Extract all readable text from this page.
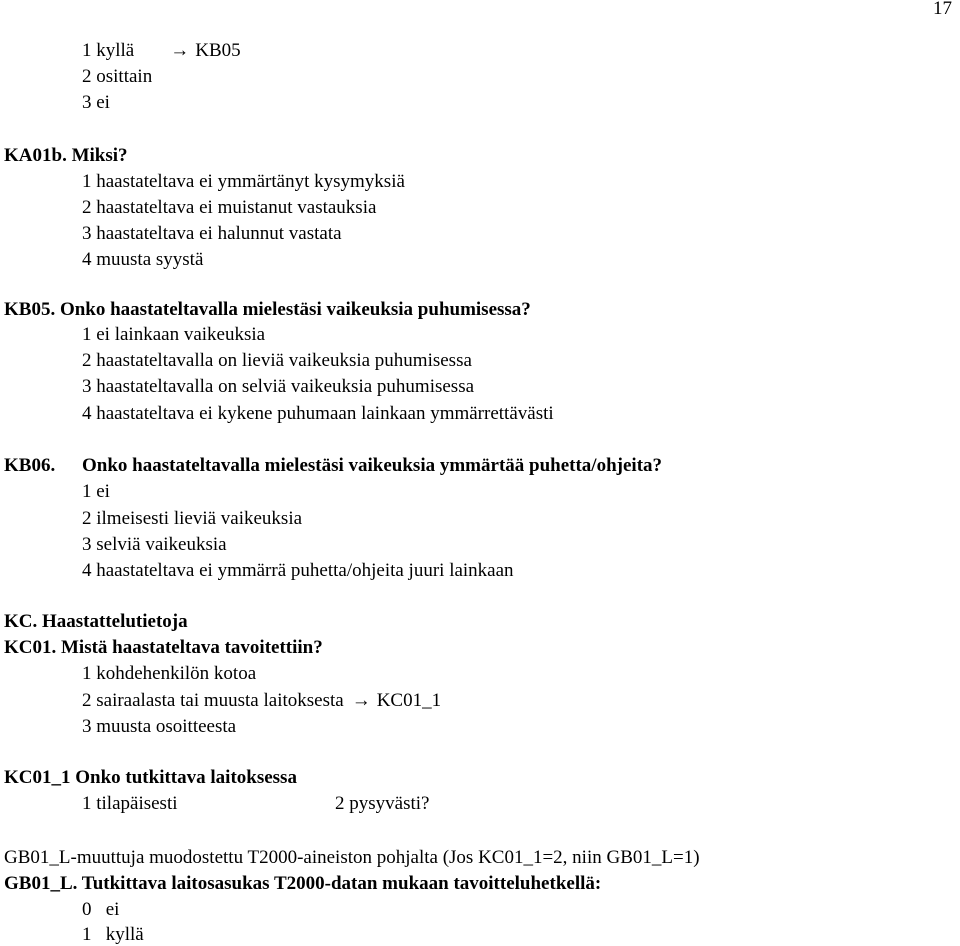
17
1 kyllä → KB05
2 osittain
3 ei
KA01b. Miksi?
1 haastateltava ei ymmärtänyt kysymyksiä
2 haastateltava ei muistanut vastauksia
3 haastateltava ei halunnut vastata
4 muusta syystä
KB05. Onko haastateltavalla mielestäsi vaikeuksia puhumisessa?
1 ei lainkaan vaikeuksia
2 haastateltavalla on lieviä vaikeuksia puhumisessa
3 haastateltavalla on selviä vaikeuksia puhumisessa
4 haastateltava ei kykene puhumaan lainkaan ymmärrettävästi
KB06. Onko haastateltavalla mielestäsi vaikeuksia ymmärtää puhetta/ohjeita?
1 ei
2 ilmeisesti lieviä vaikeuksia
3 selviä vaikeuksia
4 haastateltava ei ymmärrä puhetta/ohjeita juuri lainkaan
KC. Haastattelutietoja
KC01. Mistä haastateltava tavoitettiin?
1 kohdehenkilön kotoa
2 sairaalasta tai muusta laitoksesta → KC01_1
3 muusta osoitteesta
KC01_1 Onko tutkittava laitoksessa
1 tilapäisesti	2 pysyvästi?
GB01_L-muuttuja muodostettu T2000-aineiston pohjalta (Jos KC01_1=2, niin GB01_L=1)
GB01_L. Tutkittava laitosasukas T2000-datan mukaan tavoitteluhetkellä:
0   ei
1   kyllä
